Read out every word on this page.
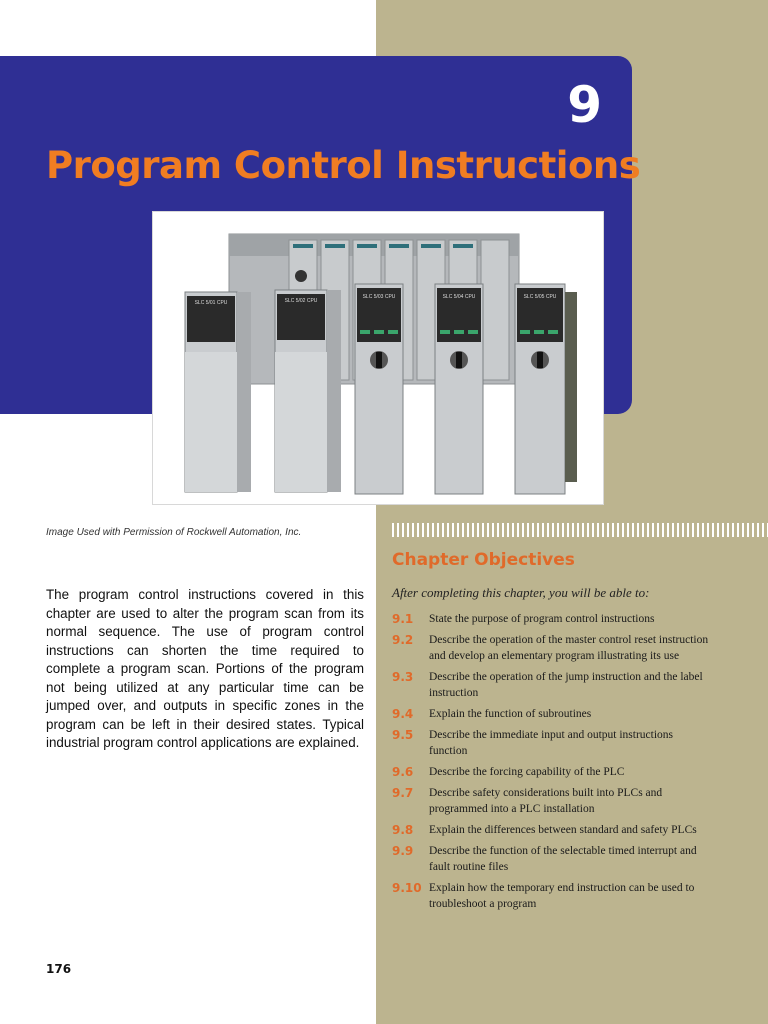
9
Program Control Instructions
SLC 5/01 CPU	SLC 5/02 CPU
SLC 5/03 CPU	SLC 5/04 CPU	SLC 5/05 CPU
Image Used with Permission of Rockwell Automation, Inc.
Chapter Objectives
After completing this chapter, you will be able to:
9.1	State the purpose of program control instructions
9.2	Describe the operation of the master control reset instruction and develop an elementary program illustrating its use
9.3	Describe the operation of the jump instruction and the label instruction
9.4	Explain the function of subroutines
9.5	Describe the immediate input and output instructions function
9.6	Describe the forcing capability of the PLC
9.7	Describe safety considerations built into PLCs and programmed into a PLC installation
9.8	Explain the differences between standard and safety PLCs
9.9	Describe the function of the selectable timed interrupt and fault routine files
9.10 Explain how the temporary end instruction can be used to troubleshoot a program
The program control instructions covered in this chapter are used to alter the program scan from its normal sequence. The use of program control instructions can shorten the time required to complete a program scan. Portions of the program not being utilized at any particular time can be jumped over, and outputs in specific zones in the program can be left in their desired states. Typical industrial program control applications are explained.
176
